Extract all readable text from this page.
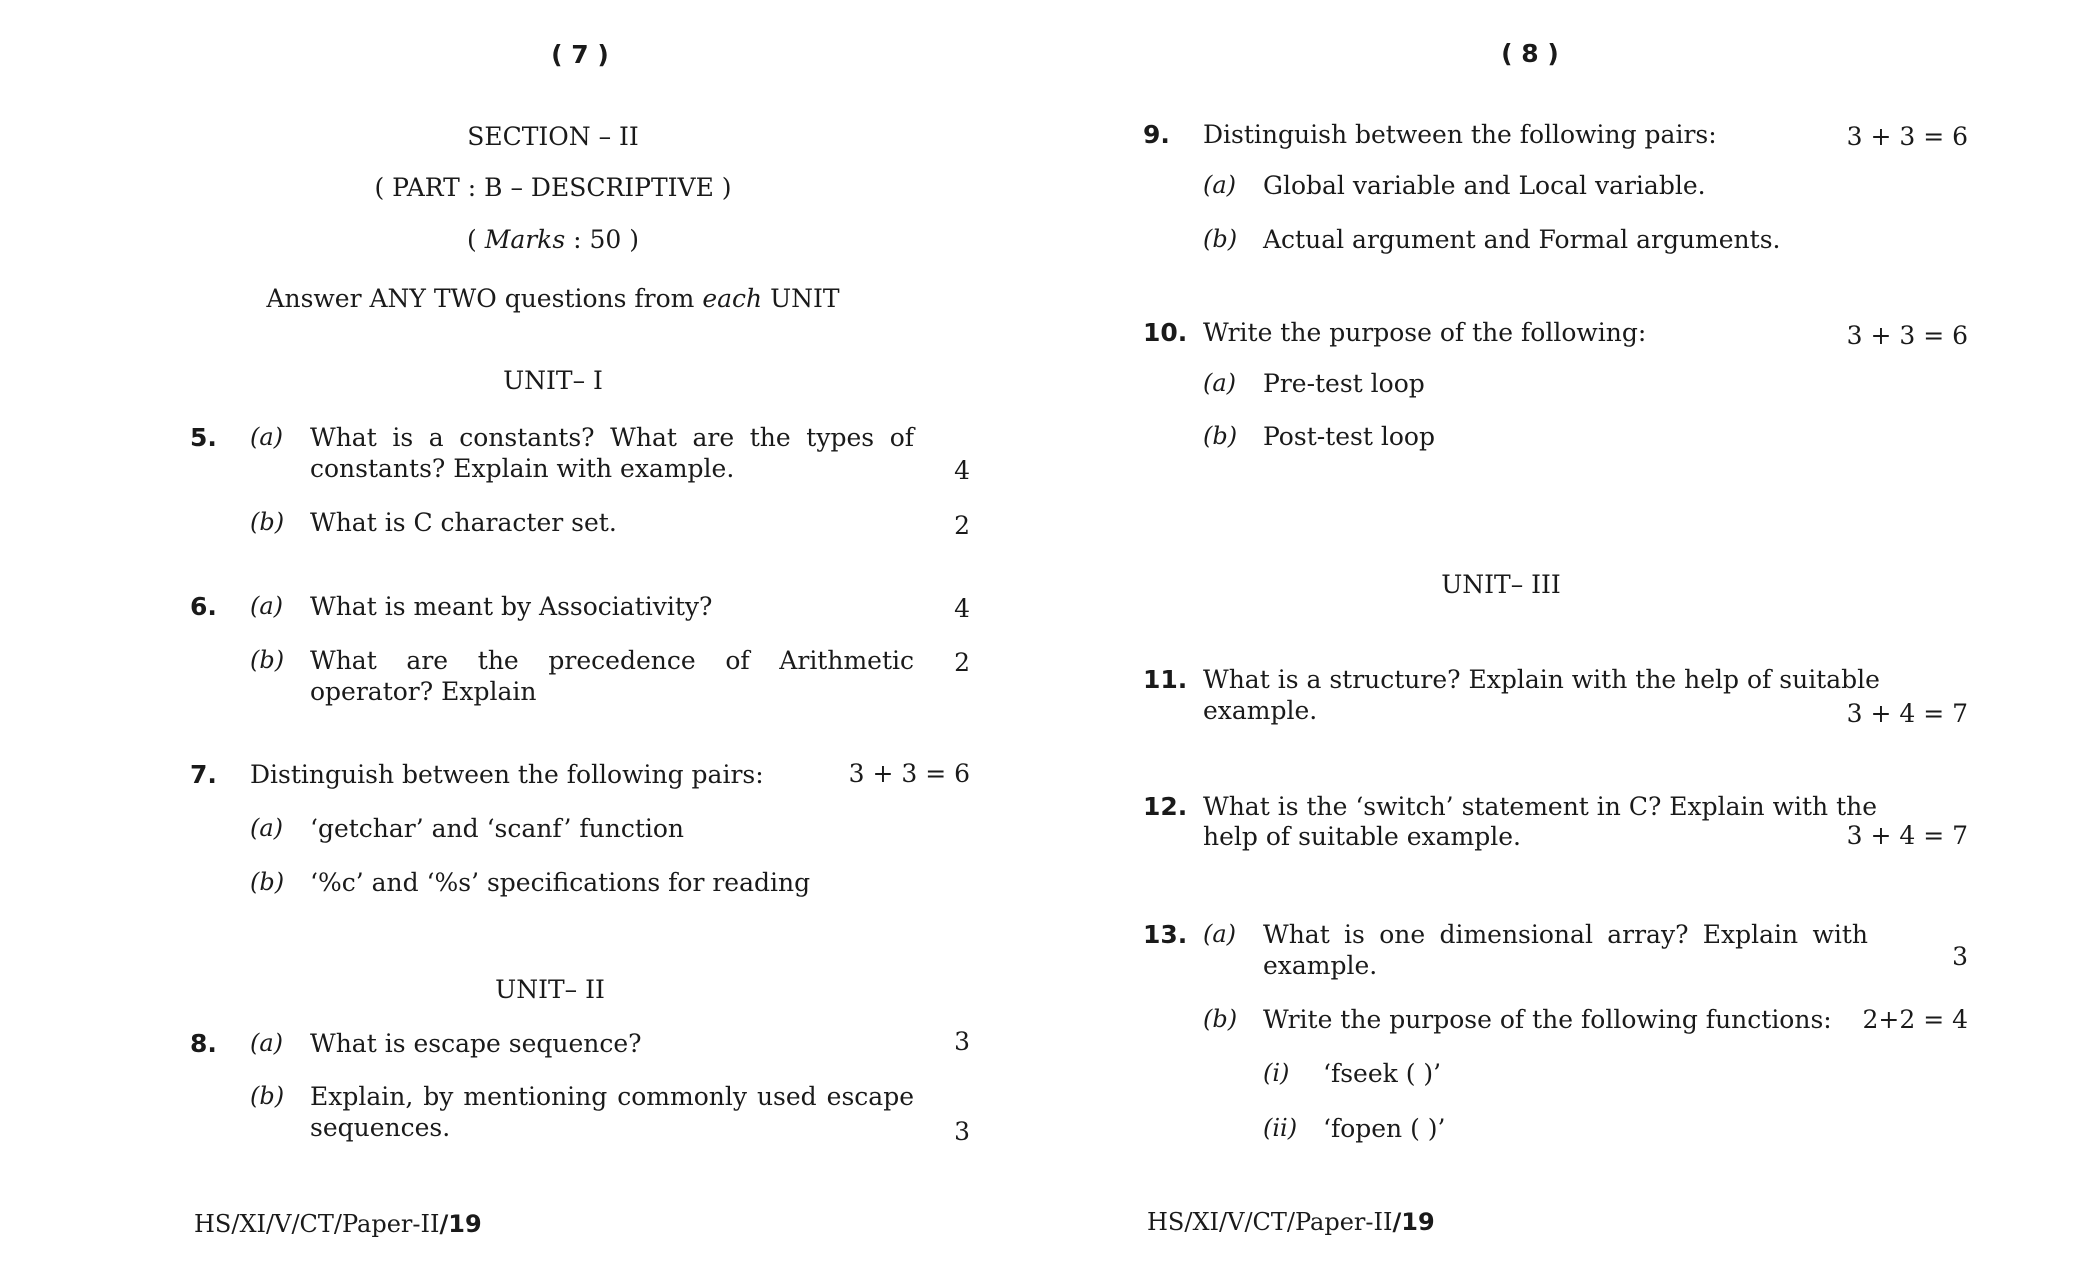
( 7 )
SECTION – II
( PART : B – DESCRIPTIVE )
( Marks : 50 )
Answer ANY TWO questions from each UNIT
UNIT– I
5. (a) What is a constants? What are the types of constants? Explain with example.	4
(b) What is C character set.	2
6. (a) What is meant by Associativity?	4
(b) What are the precedence of Arithmetic operator? Explain
2
7. Distinguish between the following pairs:	3 + 3 = 6
(a) ‘getchar’ and ‘scanf’ function
(b) ‘%c’ and ‘%s’ specifications for reading
UNIT– II
8. (a) What is escape sequence?	3
(b) Explain, by mentioning commonly used escape sequences.	3
HS/XI/V/CT/Paper-II/19
( 8 )
9. Distinguish between the following pairs:	3 + 3 = 6
(a) Global variable and Local variable.
(b) Actual argument and Formal arguments.
10. Write the purpose of the following:	3 + 3 = 6
(a) Pre-test loop
(b) Post-test loop
UNIT– III
11. What is a structure? Explain with the help of suitable
example.	3 + 4 = 7
12. What is the ‘switch’ statement in C? Explain with the
help of suitable example.	3 + 4 = 7
13. (a) What is one dimensional array? Explain with example.	3
(b) Write the purpose of the following functions:	2+2 = 4
(i) ‘fseek ( )’
(ii) ‘fopen ( )’
HS/XI/V/CT/Paper-II/19
